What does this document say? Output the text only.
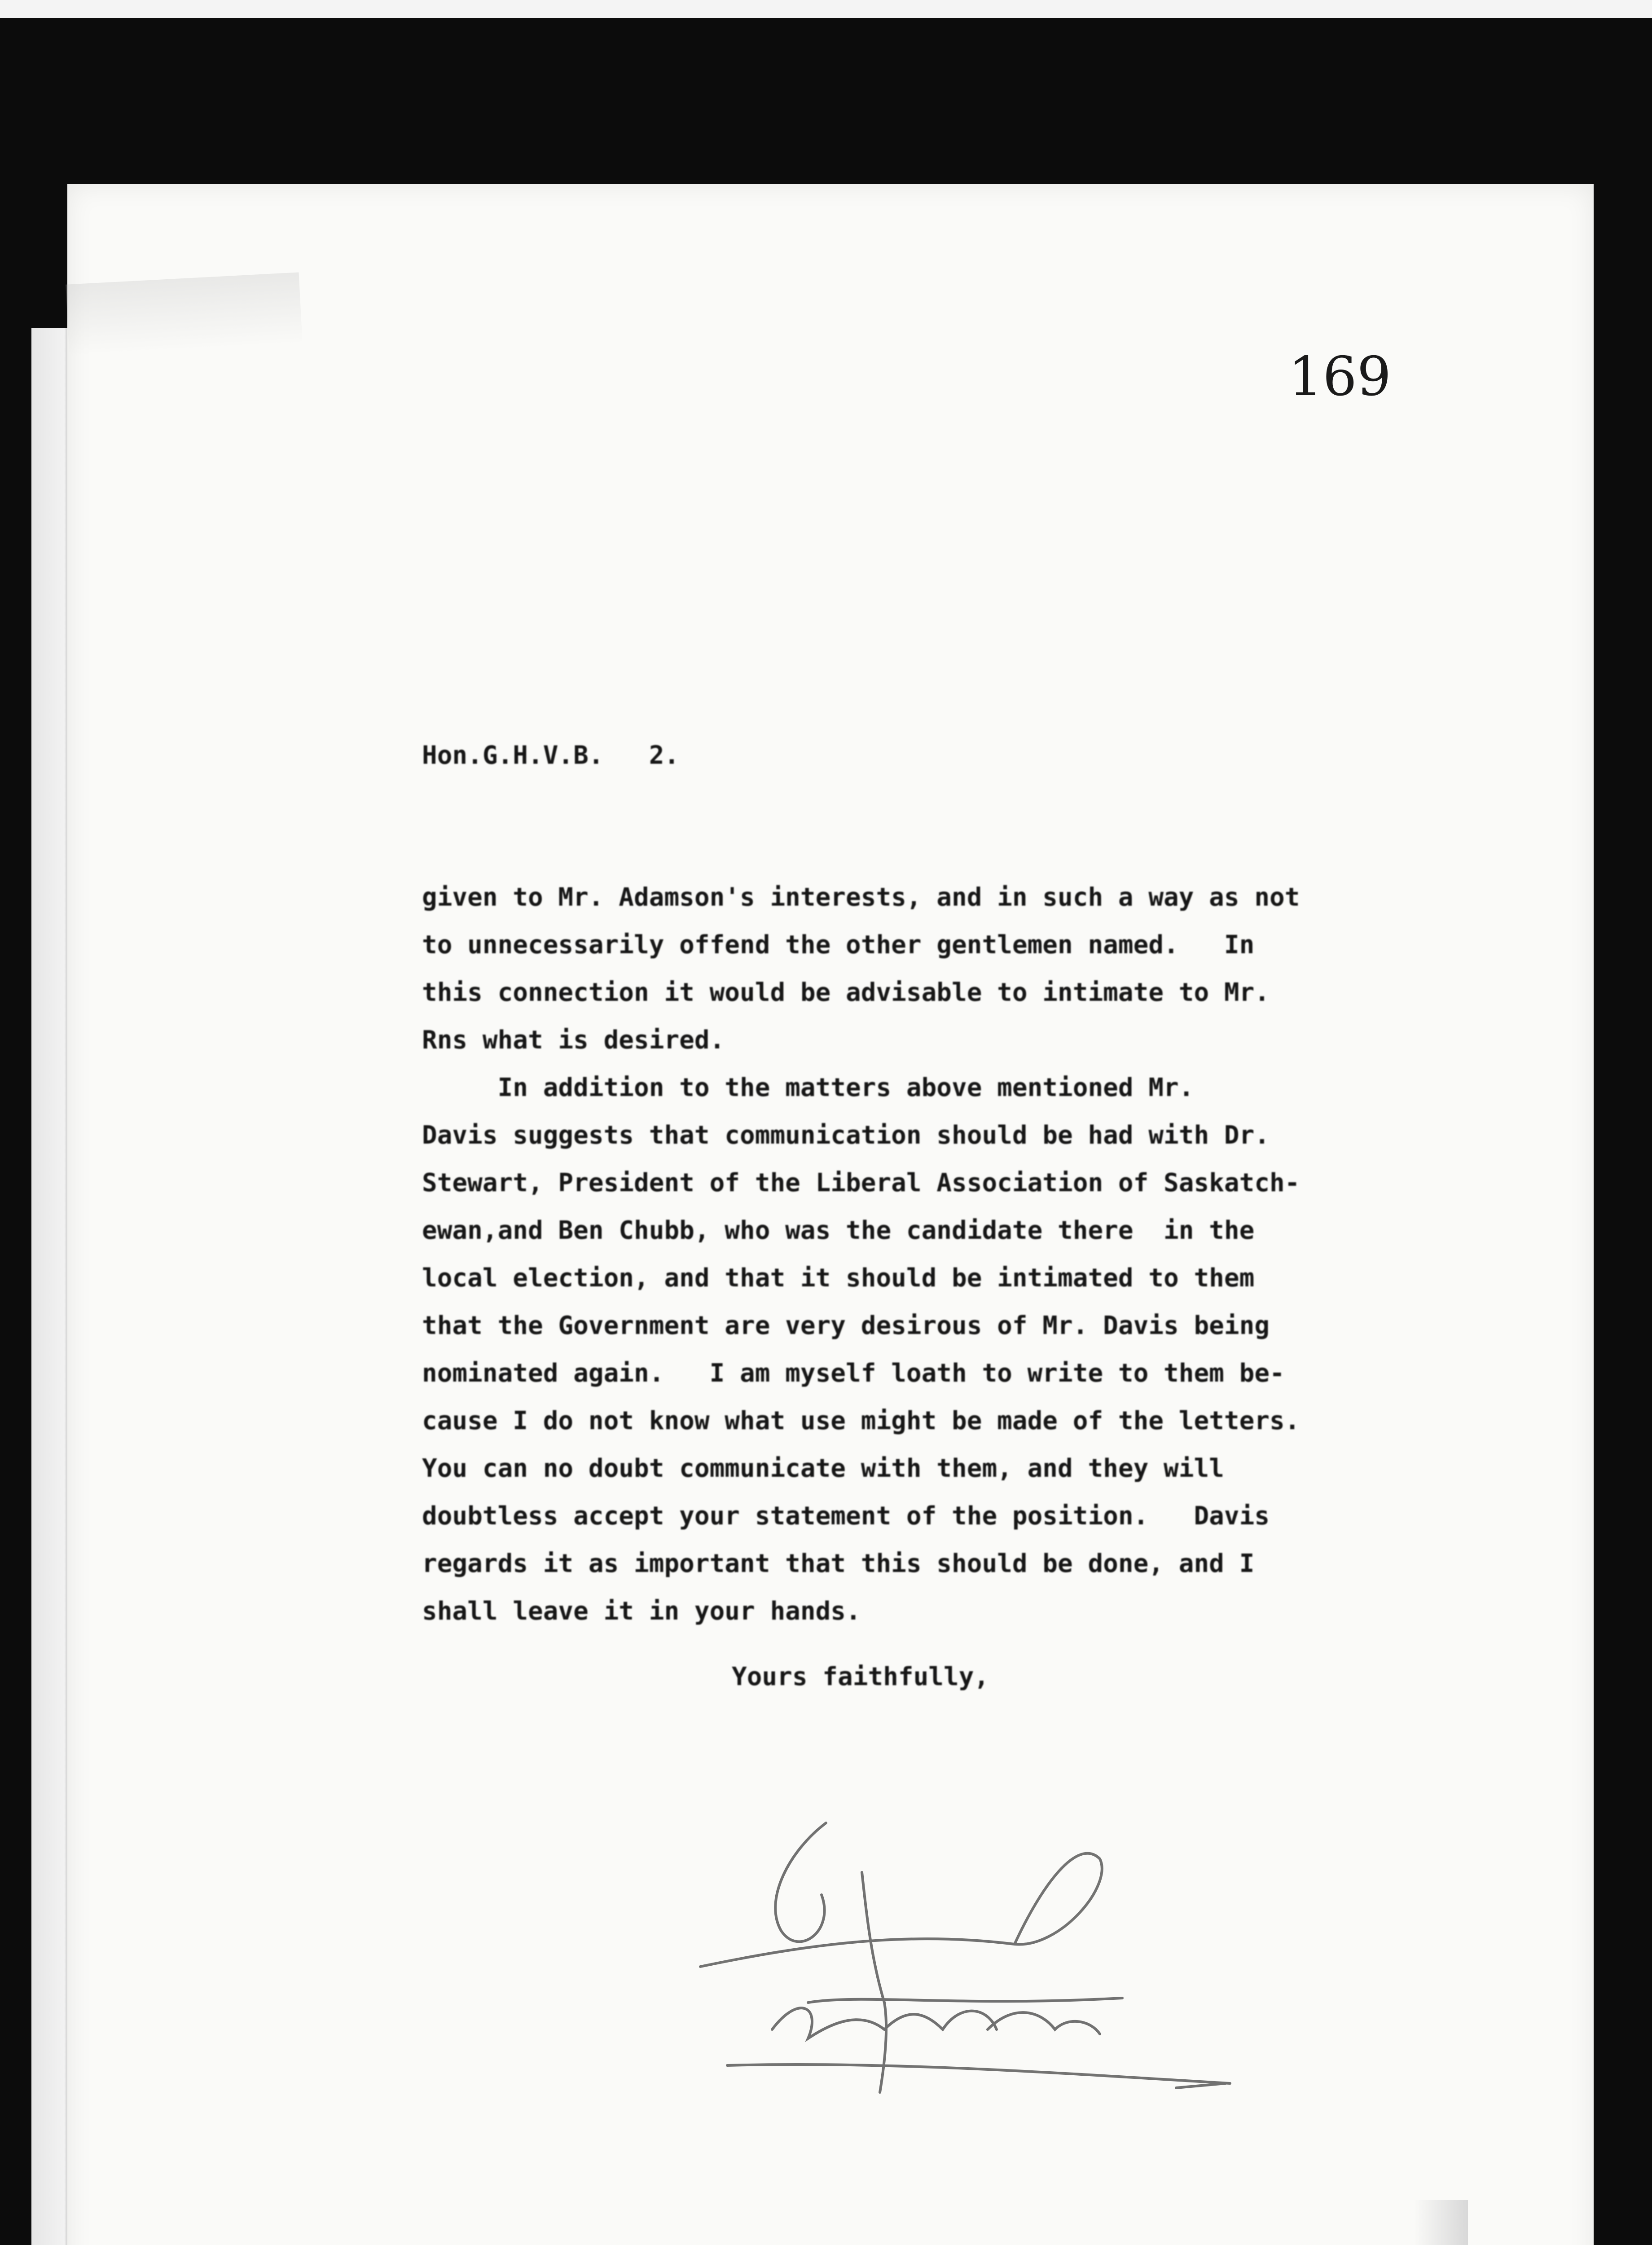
169
Hon.G.H.V.B.   2.
given to Mr. Adamson's interests, and in such a way as not
to unnecessarily offend the other gentlemen named.   In
this connection it would be advisable to intimate to Mr.
Rns what is desired.
In addition to the matters above mentioned Mr.
Davis suggests that communication should be had with Dr.
Stewart, President of the Liberal Association of Saskatch-
ewan,and Ben Chubb, who was the candidate there  in the
local election, and that it should be intimated to them
that the Government are very desirous of Mr. Davis being
nominated again.   I am myself loath to write to them be-
cause I do not know what use might be made of the letters.
You can no doubt communicate with them, and they will
doubtless accept your statement of the position.   Davis
regards it as important that this should be done, and I
shall leave it in your hands.
Yours faithfully,
